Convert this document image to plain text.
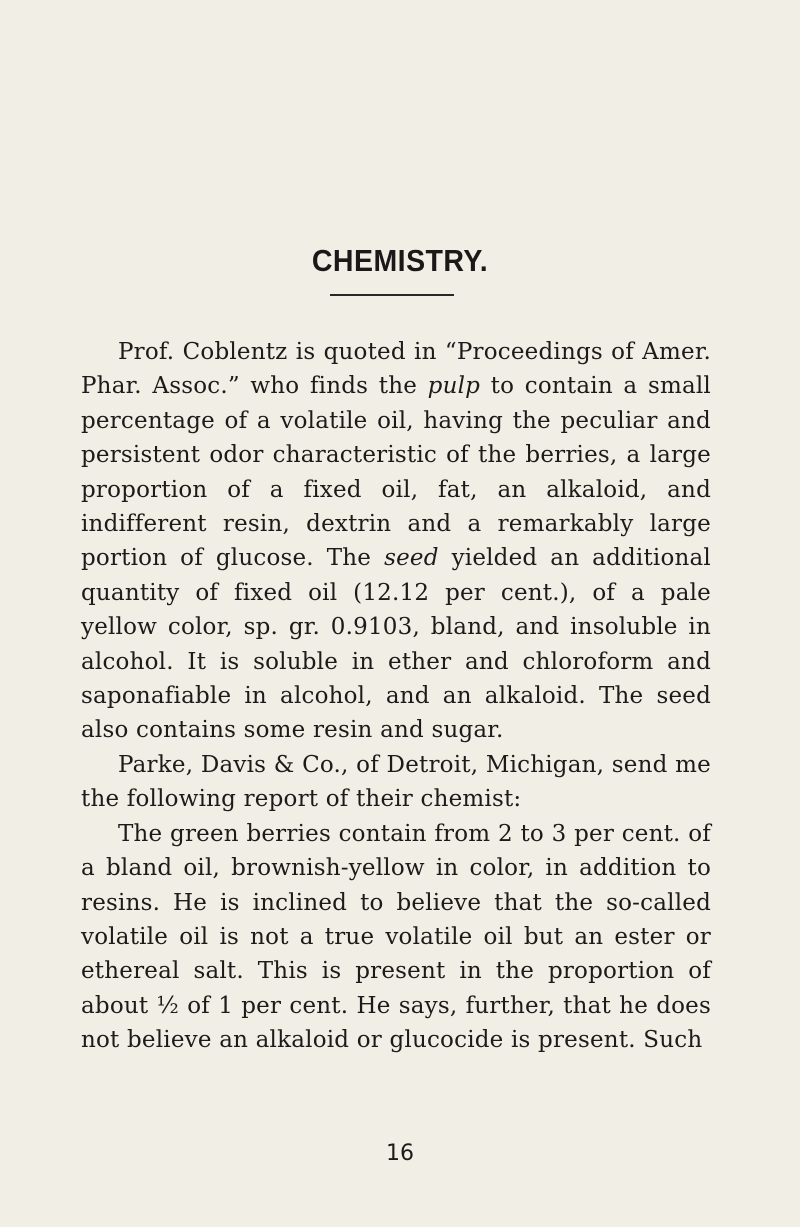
CHEMISTRY.

Prof. Coblentz is quoted in “Proceedings of Amer. Phar. Assoc.” who finds the pulp to contain a small percentage of a volatile oil, having the peculiar and persistent odor characteristic of the berries, a large proportion of a fixed oil, fat, an alkaloid, and indifferent resin, dextrin and a remarkably large portion of glucose. The seed yielded an additional quantity of fixed oil (12.12 per cent.), of a pale yellow color, sp. gr. 0.9103, bland, and insoluble in alcohol. It is soluble in ether and chloroform and saponafiable in alcohol, and an alkaloid. The seed also contains some resin and sugar.

Parke, Davis & Co., of Detroit, Michigan, send me the following report of their chemist:

The green berries contain from 2 to 3 per cent. of a bland oil, brownish-yellow in color, in addition to resins. He is inclined to believe that the so-called volatile oil is not a true volatile oil but an ester or ethereal salt. This is present in the proportion of about ½ of 1 per cent. He says, further, that he does not believe an alkaloid or glucocide is present. Such

16
